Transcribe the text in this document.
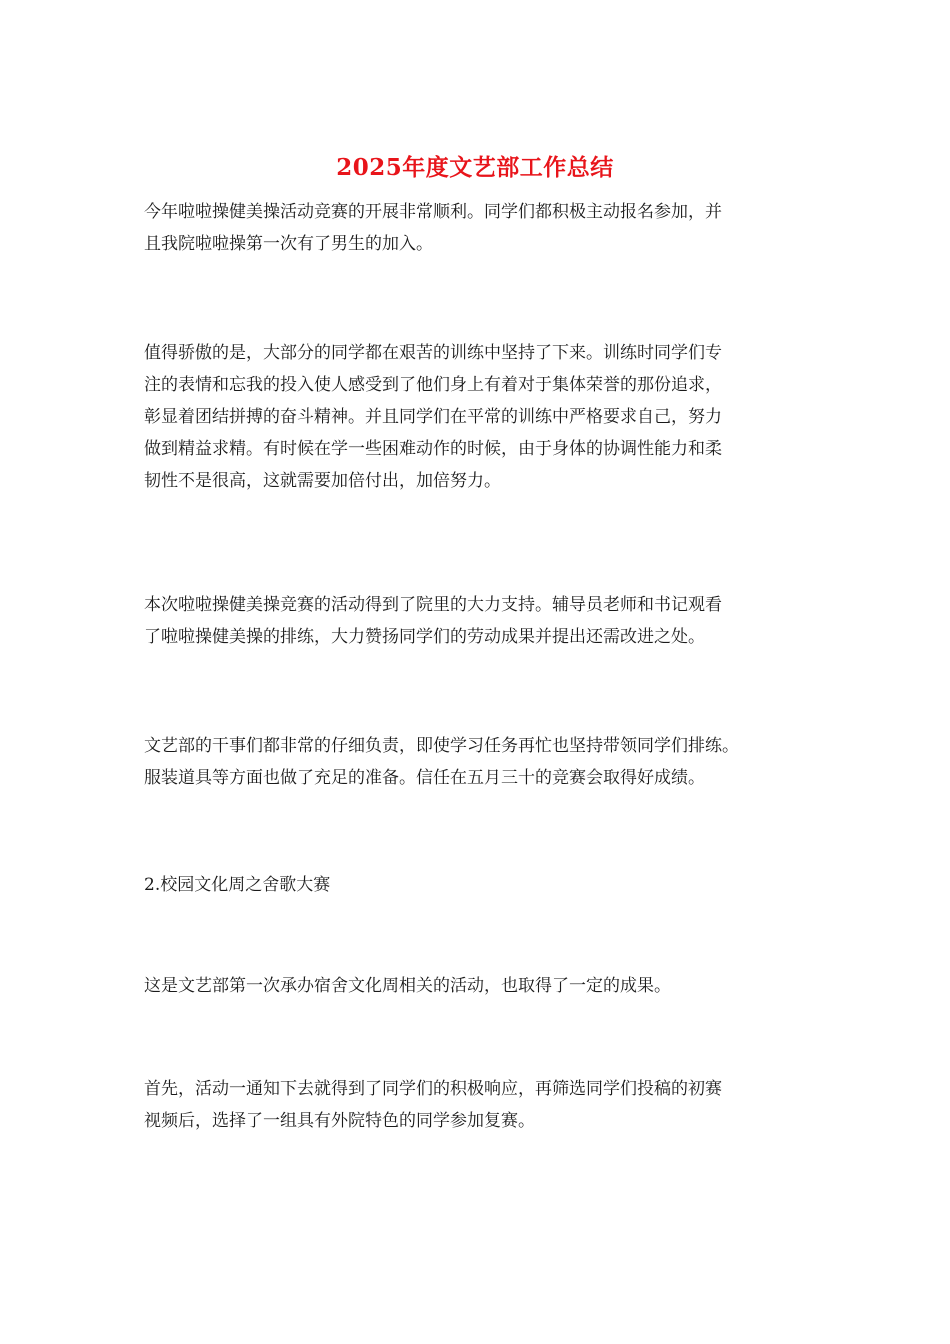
2025年度文艺部工作总结

今年啦啦操健美操活动竞赛的开展非常顺利。同学们都积极主动报名参加，并
且我院啦啦操第一次有了男生的加入。

值得骄傲的是，大部分的同学都在艰苦的训练中坚持了下来。训练时同学们专
注的表情和忘我的投入使人感受到了他们身上有着对于集体荣誉的那份追求，
彰显着团结拼搏的奋斗精神。并且同学们在平常的训练中严格要求自己，努力
做到精益求精。有时候在学一些困难动作的时候，由于身体的协调性能力和柔
韧性不是很高，这就需要加倍付出，加倍努力。

本次啦啦操健美操竞赛的活动得到了院里的大力支持。辅导员老师和书记观看
了啦啦操健美操的排练，大力赞扬同学们的劳动成果并提出还需改进之处。

文艺部的干事们都非常的仔细负责，即使学习任务再忙也坚持带领同学们排练。
服装道具等方面也做了充足的准备。信任在五月三十的竞赛会取得好成绩。

2.校园文化周之舍歌大赛

这是文艺部第一次承办宿舍文化周相关的活动，也取得了一定的成果。

首先，活动一通知下去就得到了同学们的积极响应，再筛选同学们投稿的初赛
视频后，选择了一组具有外院特色的同学参加复赛。
